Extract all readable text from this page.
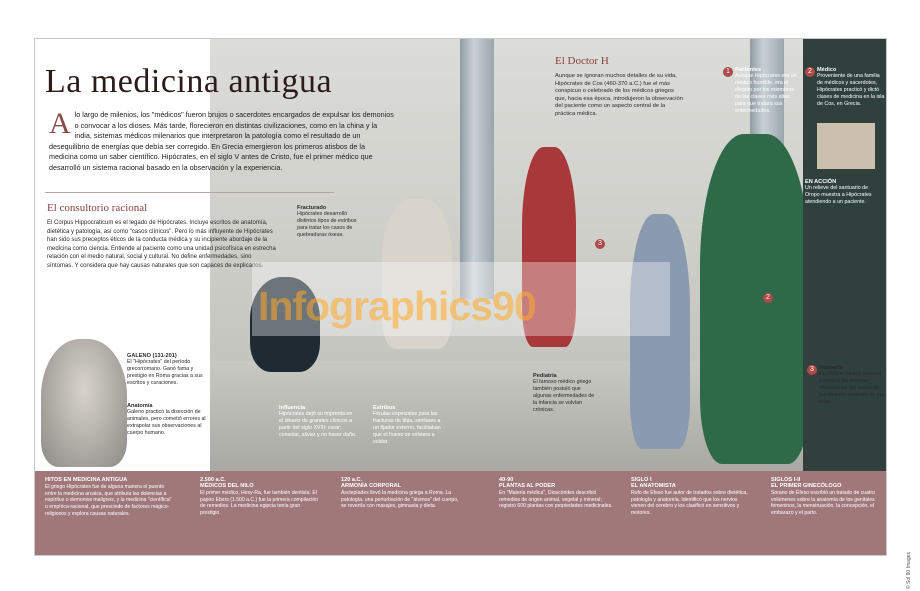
3
2
La medicina antigua
A lo largo de milenios, los "médicos" fueron brujos o sacerdotes encargados de expulsar los demonios o convocar a los dioses. Más tarde, florecieron en distintas civilizaciones, como en la china y la india, sistemas médicos milenarios que interpretaron la patología como el resultado de un desequilibrio de energías que debía ser corregido. En Grecia emergieron los primeros atisbos de la medicina como un saber científico. Hipócrates, en el siglo V antes de Cristo, fue el primer médico que desarrolló un sistema racional basado en la observación y la experiencia.
El consultorio racional
El Corpus Hippocraticum es el legado de Hipócrates. Incluye escritos de anatomía, dietética y patología, así como "casos clínicos". Pero lo más influyente de Hipócrates han sido sus preceptos éticos de la conducta médica y su incipiente abordaje de la medicina como ciencia. Entiende al paciente como una unidad psicofísica en estrecha relación con el medio natural, social y cultural. No define enfermedades, sino síntomas. Y considera que hay causas naturales que son capaces de explicarlos.
El Doctor H
Aunque se ignoran muchos detalles de su vida, Hipócrates de Cos (460-370 a.C.) fue el más conspicuo o celebrado de los médicos griegos que, hacia esa época, introdujeron la observación del paciente como un aspecto central de la práctica médica.
Fracturado
Hipócrates desarrolló distintos tipos de estribos para tratar los casos de quebraduras óseas.
GALENO (131-201)
El "Hipócrates" del período grecorromano. Ganó fama y prestigio en Roma gracias a sus escritos y curaciones.
Anatomía
Galeno practicó la disección de animales, pero cometió errores al extrapolar sus observaciones al cuerpo humano.
Influencia
Hipócrates dejó su impronta en el ideario de grandes clínicos a partir del siglo XVIII: curar; consolar, aliviar y no hacer daño.
Estribos
Férulas especiales para las fracturas de tibia, similares a un fijador externo, facilitaban que el hueso se volviera a soldar.
Pediatría
El famoso médico griego también postuló que algunas enfermedades de la infancia se volvían crónicas.
1 Pacientes
Aunque Hipócrates era un médico humilde, era el elegido por los miembros de las clases más altas para que tratara sus enfermedades.
2 Médico
Proveniente de una familia de médicos y sacerdotes, Hipócrates practicó y dictó clases de medicina en la isla de Cos, en Grecia.
EN ACCIÓN
Un relieve del santuario de Oropo muestra a Hipócrates atendiendo a un paciente.
3 Posparto
El célebre médico observó y analizó las posibles alteraciones del ánimo de las mujeres después de dar a luz.
HITOS EN MEDICINA ANTIGUA
El griego Hipócrates fue de alguna manera el puente entre la medicina arcaica, que atribuía las dolencias a espíritus o demonios malignos, y la medicina "científica" o empírica-racional, que prescinde de factores mágico-religiosos y explora causas naturales.
2.500 a.C.
MÉDICOS DEL NILO
El primer médico, Hesy-Ra, fue también dentista. El papiro Ebers (1.500 a.C.) fue la primera compilación de remedios. La medicina egipcia tenía gran prestigio.
120 a.C.
ARMONÍA CORPORAL
Asclepíades llevó la medicina griega a Roma. La patología, una perturbación de "átomos" del cuerpo, se revertía con masajes, gimnasia y dieta.
40-90
PLANTAS AL PODER
En "Materia médica", Dioscórides describió remedios de origen animal, vegetal y mineral; registró 600 plantas con propiedades medicinales.
SIGLO I
EL ANATOMISTA
Rufo de Éfeso fue autor de tratados sobre dietética, patología y anatomía. Identificó que los nervios vienen del cerebro y los clasificó en sensitivos y motores.
SIGLOS I-II
EL PRIMER GINECÓLOGO
Sorano de Éfeso escribió un tratado de cuatro volúmenes sobre la anatomía de los genitales femeninos, la menstruación, la concepción, el embarazo y el parto.
Infographics90
© Sol 90 Images
